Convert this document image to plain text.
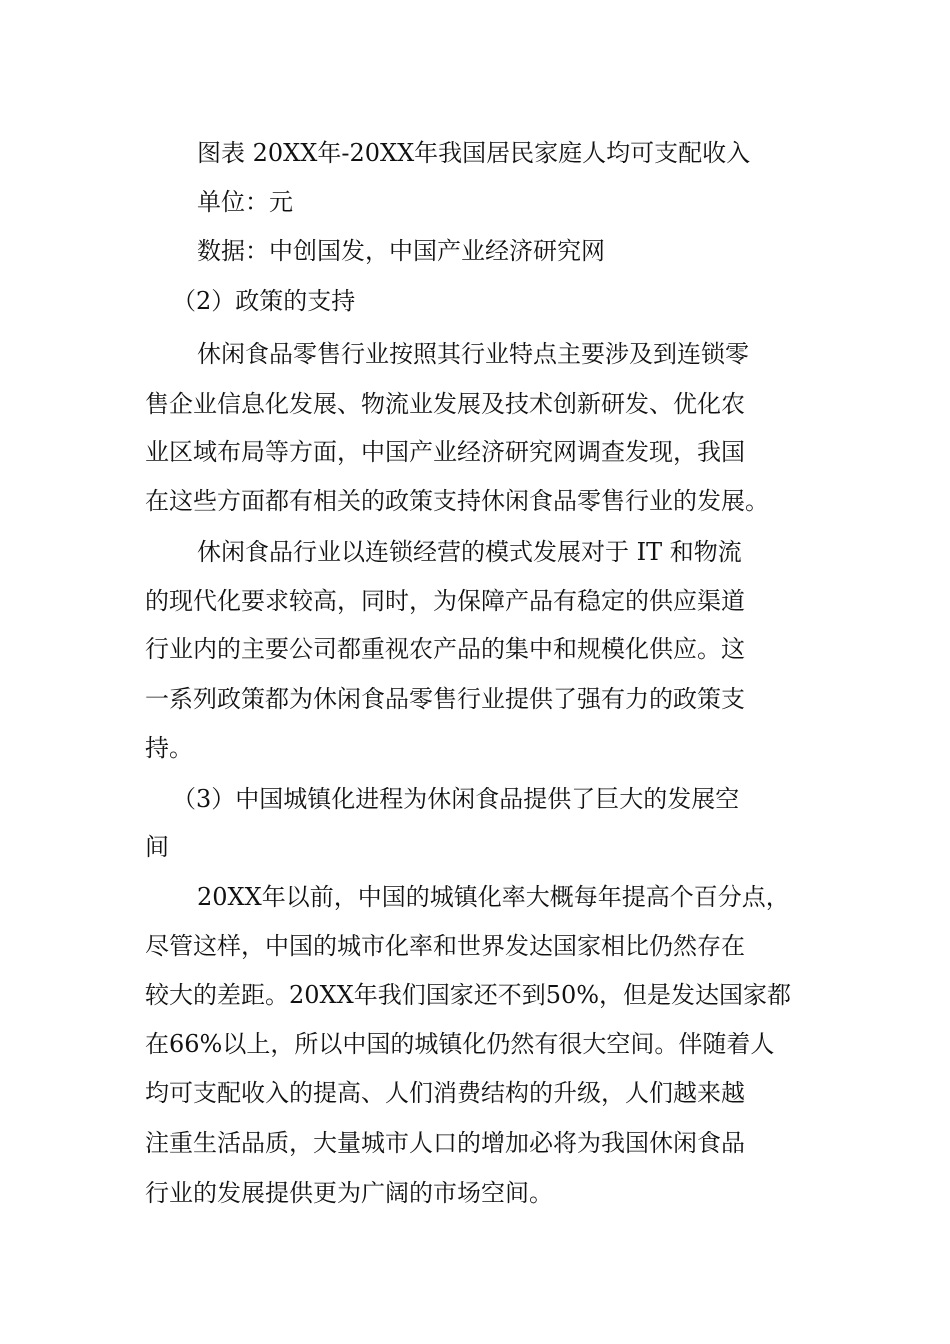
图表 20XX年-20XX年我国居民家庭人均可支配收入
单位：元
数据：中创国发，中国产业经济研究网
（2）政策的支持
休闲食品零售行业按照其行业特点主要涉及到连锁零
售企业信息化发展、物流业发展及技术创新研发、优化农
业区域布局等方面，中国产业经济研究网调查发现，我国
在这些方面都有相关的政策支持休闲食品零售行业的发展。
休闲食品行业以连锁经营的模式发展对于 IT 和物流
的现代化要求较高，同时，为保障产品有稳定的供应渠道
行业内的主要公司都重视农产品的集中和规模化供应。这
一系列政策都为休闲食品零售行业提供了强有力的政策支
持。
（3）中国城镇化进程为休闲食品提供了巨大的发展空
间
20XX年以前，中国的城镇化率大概每年提高个百分点，
尽管这样，中国的城市化率和世界发达国家相比仍然存在
较大的差距。20XX年我们国家还不到50%，但是发达国家都
在66%以上，所以中国的城镇化仍然有很大空间。伴随着人
均可支配收入的提高、人们消费结构的升级，人们越来越
注重生活品质，大量城市人口的增加必将为我国休闲食品
行业的发展提供更为广阔的市场空间。
